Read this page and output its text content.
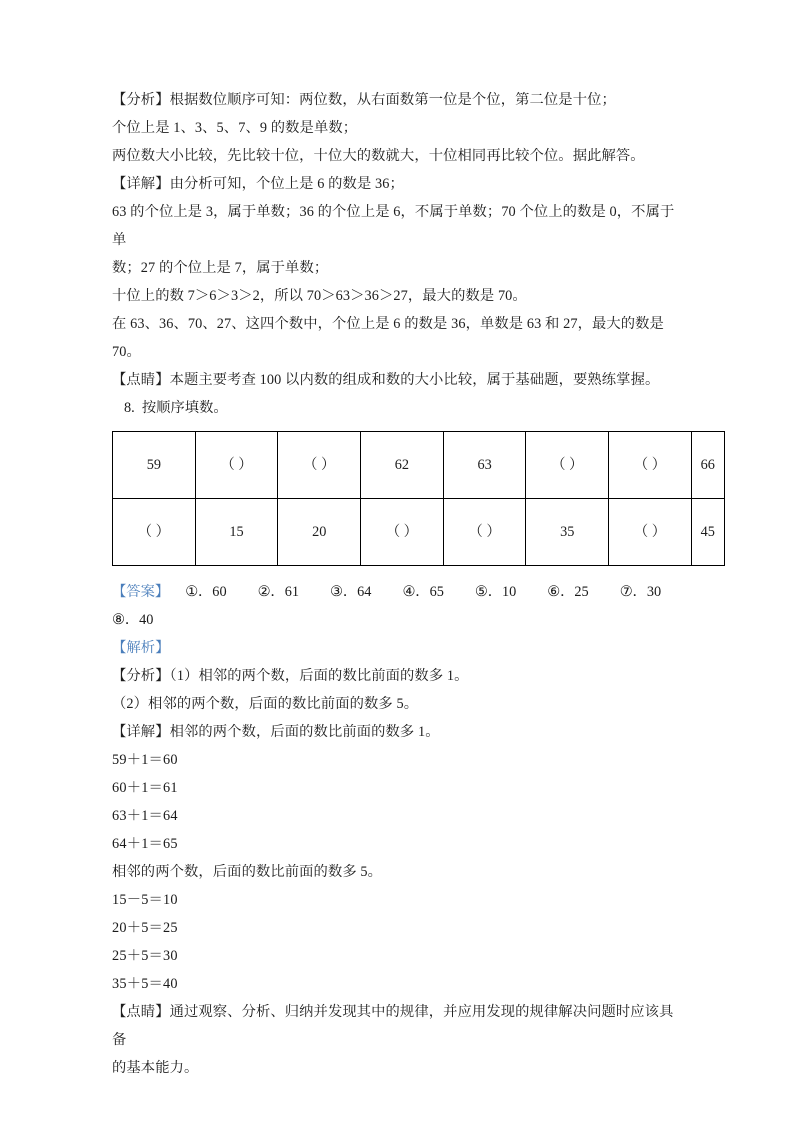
【分析】根据数位顺序可知：两位数，从右面数第一位是个位，第二位是十位；
个位上是 1、3、5、7、9 的数是单数；
两位数大小比较，先比较十位，十位大的数就大，十位相同再比较个位。据此解答。
【详解】由分析可知，个位上是 6 的数是 36；
63 的个位上是 3，属于单数；36 的个位上是 6，不属于单数；70 个位上的数是 0，不属于单
数；27 的个位上是 7，属于单数；
十位上的数 7＞6＞3＞2，所以 70＞63＞36＞27，最大的数是 70。
在 63、36、70、27、这四个数中，个位上是 6 的数是 36，单数是 63 和 27，最大的数是 70。
【点睛】本题主要考查 100 以内数的组成和数的大小比较，属于基础题，要熟练掌握。
8. 按顺序填数。
59	（ ）	（ ）	62	63	（ ）	（ ）	66
（ ）	15	20	（ ）	（ ）	35	（ ）	45
【答案】 ①．60 ②．61 ③．64 ④．65 ⑤．10 ⑥．25 ⑦．30
⑧．40
【解析】
【分析】（1）相邻的两个数，后面的数比前面的数多 1。
（2）相邻的两个数，后面的数比前面的数多 5。
【详解】相邻的两个数，后面的数比前面的数多 1。
59＋1＝60
60＋1＝61
63＋1＝64
64＋1＝65
相邻的两个数，后面的数比前面的数多 5。
15－5＝10
20＋5＝25
25＋5＝30
35＋5＝40
【点睛】通过观察、分析、归纳并发现其中的规律，并应用发现的规律解决问题时应该具备
的基本能力。
